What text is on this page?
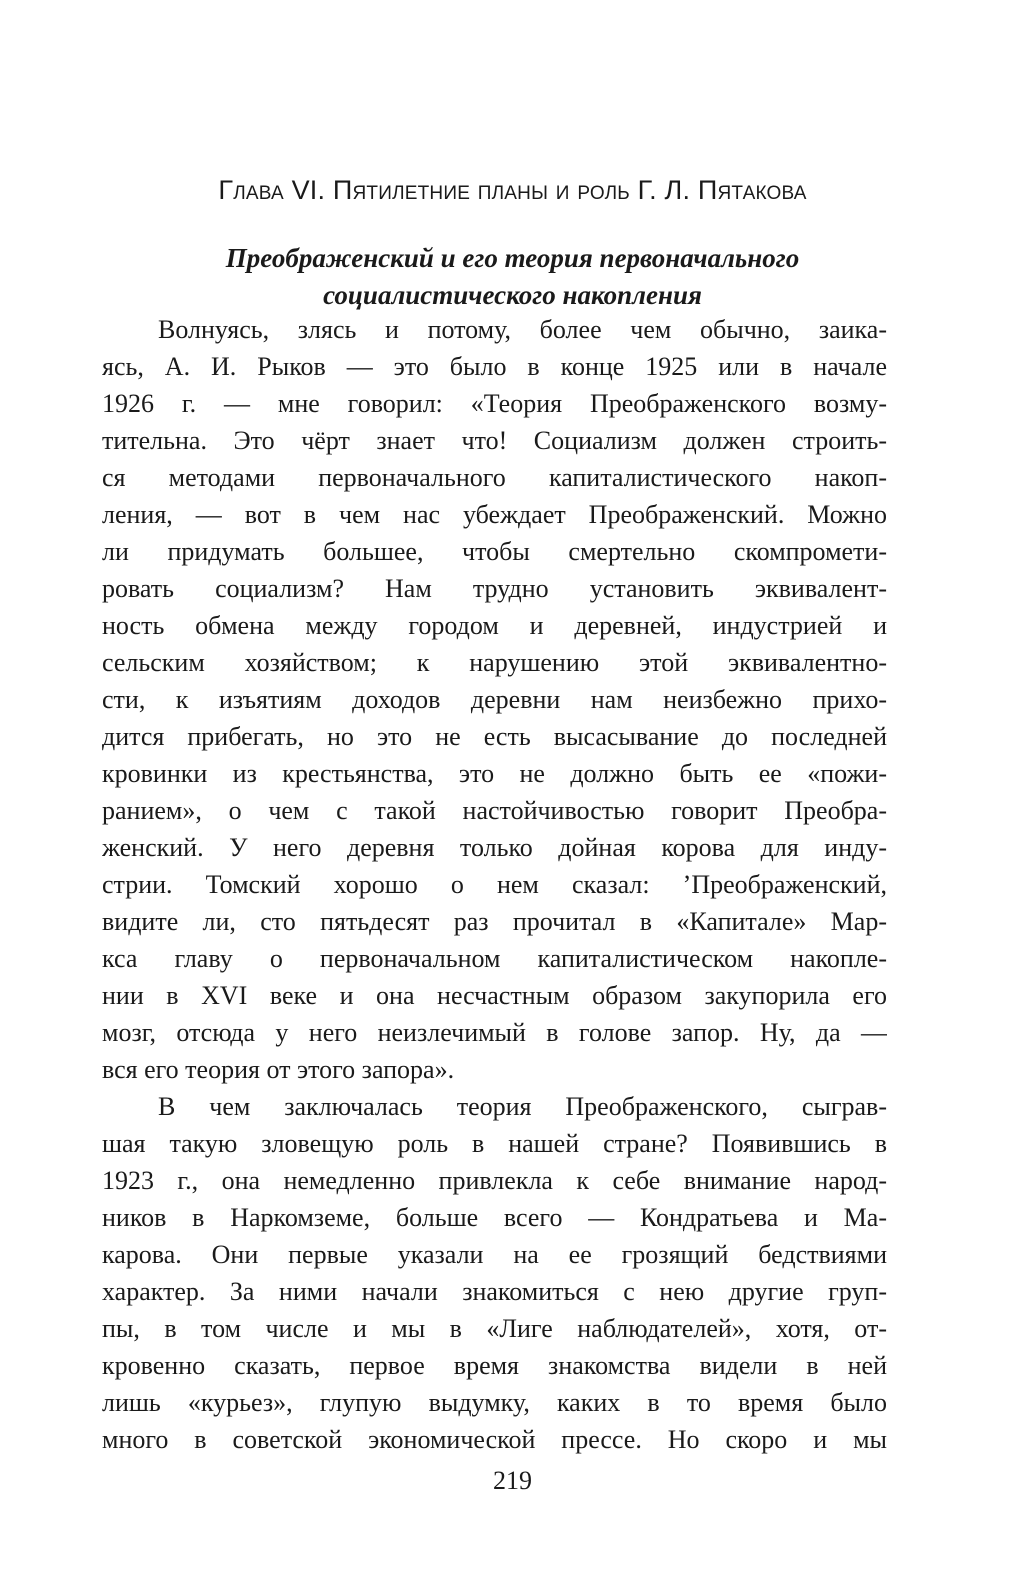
Глава VI. Пятилетние планы и роль Г. Л. Пятакова
Преображенский и его теория первоначального
социалистического накопления
Волнуясь, злясь и потому, более чем обычно, заика-
ясь, А. И. Рыков — это было в конце 1925 или в начале
1926 г. — мне говорил: «Теория Преображенского возму-
тительна. Это чёрт знает что! Социализм должен строить-
ся методами первоначального капиталистического накоп-
ления, — вот в чем нас убеждает Преображенский. Можно
ли придумать большее, чтобы смертельно скомпромети-
ровать социализм? Нам трудно установить эквивалент-
ность обмена между городом и деревней, индустрией и
сельским хозяйством; к нарушению этой эквивалентно-
сти, к изъятиям доходов деревни нам неизбежно прихо-
дится прибегать, но это не есть высасывание до последней
кровинки из крестьянства, это не должно быть ее «пожи-
ранием», о чем с такой настойчивостью говорит Преобра-
женский. У него деревня только дойная корова для инду-
стрии. Томский хорошо о нем сказал: ’Преображенский,
видите ли, сто пятьдесят раз прочитал в «Капитале» Мар-
кса главу о первоначальном капиталистическом накопле-
нии в XVI веке и она несчастным образом закупорила его
мозг, отсюда у него неизлечимый в голове запор. Ну, да —
вся его теория от этого запора».
В чем заключалась теория Преображенского, сыграв-
шая такую зловещую роль в нашей стране? Появившись в
1923 г., она немедленно привлекла к себе внимание народ-
ников в Наркомземе, больше всего — Кондратьева и Ма-
карова. Они первые указали на ее грозящий бедствиями
характер. За ними начали знакомиться с нею другие груп-
пы, в том числе и мы в «Лиге наблюдателей», хотя, от-
кровенно сказать, первое время знакомства видели в ней
лишь «курьез», глупую выдумку, каких в то время было
много в советской экономической прессе. Но скоро и мы
219
